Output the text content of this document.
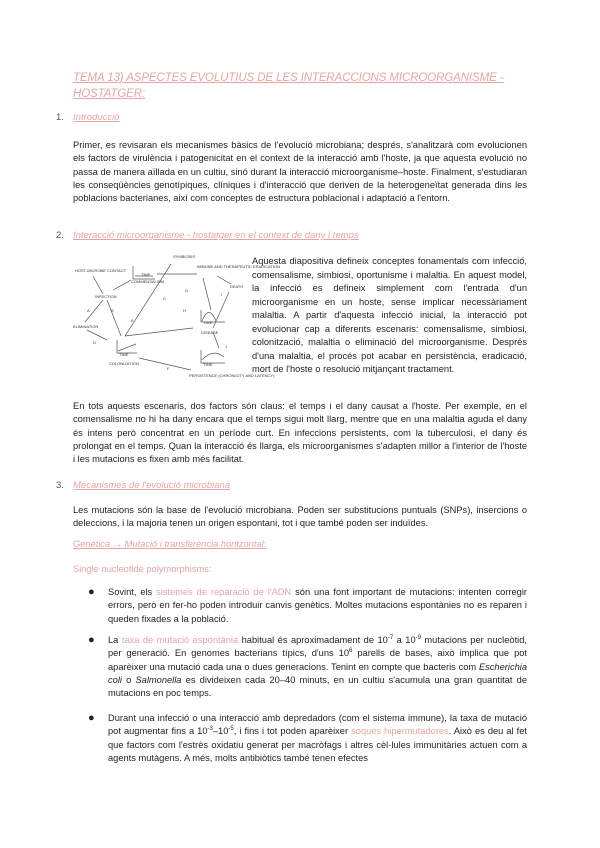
TEMA 13) ASPECTES EVOLUTIUS DE LES INTERACCIONS MICROORGANISME - HOSTATGER:
1. Introducció
Primer, es revisaran els mecanismes bàsics de l'evolució microbiana; després, s'analitzarà com evolucionen els factors de virulència i patogenicitat en el context de la interacció amb l'hoste, ja que aquesta evolució no passa de manera aïllada en un cultiu, sinó durant la interacció microorganisme–hoste. Finalment, s'estudiaran les conseqüències genotípiques, clíniques i d'interacció que deriven de la heterogeneïtat generada dins les poblacions bacterianes, així com conceptes de estructura poblacional i adaptació a l'entorn.
2. Interacció microorganisme - hostatger en el context de dany i temps
HOST-MICROBE CONTACT
INFECTION
ELIMINATION
SYMBIOSIS
COMMENSALISM
IMMUNE AND THERAPEUTIC ERADICATION
DEATH
DISEASE
COLONIZATION
PERSISTENCE (CHRONICITY AND LATENCY)
TIME
TIME
TIME
TIME
A	B
C
D
E
F
G
H
I
J
Aquesta diapositiva defineix conceptes fonamentals com infecció, comensalisme, simbiosi, oportunisme i malaltia. En aquest model, la infecció es defineix simplement com l'entrada d'un microorganisme en un hoste, sense implicar necessàriament malaltia. A partir d'aquesta infecció inicial, la interacció pot evolucionar cap a diferents escenaris: comensalisme, simbiosi, colonització, malaltia o eliminació del microorganisme. Després d'una malaltia, el procés pot acabar en persistència, eradicació, mort de l'hoste o resolució mitjançant tractament.
En tots aquests escenaris, dos factors són claus: el temps i el dany causat a l'hoste. Per exemple, en el comensalisme no hi ha dany encara que el temps sigui molt llarg, mentre que en una malaltia aguda el dany és intens però concentrat en un període curt. En infeccions persistents, com la tuberculosi, el dany és prolongat en el temps. Quan la interacció és llarga, els microorganismes s'adapten millor a l'interior de l'hoste i les mutacions es fixen amb més facilitat.
3. Mecanismes de l'evolució microbiana
Les mutacions són la base de l'evolució microbiana. Poden ser substitucions puntuals (SNPs), insercions o deleccions, i la majoria tenen un origen espontani, tot i que també poden ser induïdes.
Genètica → Mutació i transferència horitzontal:
Single nucleotide polymorphisms:
● Sovint, els sistemes de reparació de l'ADN són una font important de mutacions: intenten corregir errors, però en fer-ho poden introduir canvis genètics. Moltes mutacions espontànies no es reparen i queden fixades a la població.
● La taxa de mutació espontània habitual és aproximadament de $10^{-7}$ a $10^{-9}$ mutacions per nucleòtid, per generació. En genomes bacterians típics, d'uns $10^6$ parells de bases, això implica que pot aparèixer una mutació cada una o dues generacions. Tenint en compte que bacteris com Escherichia coli o Salmonella es divideixen cada 20–40 minuts, en un cultiu s'acumula una gran quantitat de mutacions en poc temps.
● Durant una infecció o una interacció amb depredadors (com el sistema immune), la taxa de mutació pot augmentar fins a $10^{-3}-10^{-5}$, i fins i tot poden aparèixer soques hipermutadores. Això es deu al fet que factors com l'estrès oxidatiu generat per macròfags i altres cèl·lules immunitàries actuen com a agents mutàgens. A més, molts antibiòtics també tenen efectes
